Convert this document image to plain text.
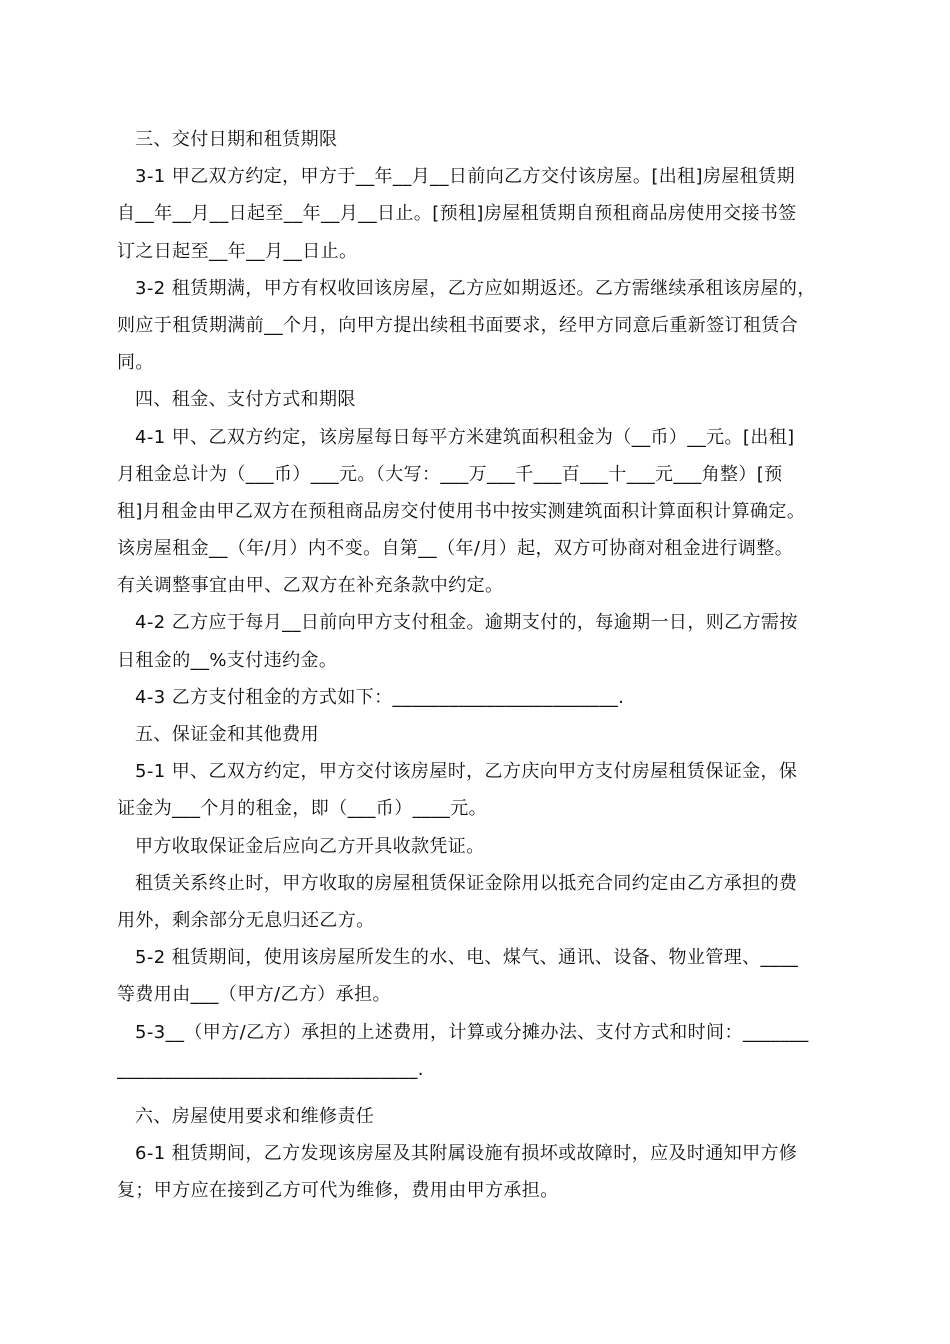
三、交付日期和租赁期限
3-1 甲乙双方约定，甲方于__年__月__日前向乙方交付该房屋。[出租]房屋租赁期
自__年__月__日起至__年__月__日止。[预租]房屋租赁期自预租商品房使用交接书签
订之日起至__年__月__日止。
3-2 租赁期满，甲方有权收回该房屋，乙方应如期返还。乙方需继续承租该房屋的，
则应于租赁期满前__个月，向甲方提出续租书面要求，经甲方同意后重新签订租赁合
同。
四、租金、支付方式和期限
4-1 甲、乙双方约定，该房屋每日每平方米建筑面积租金为（__币）__元。[出租]
月租金总计为（___币）___元。（大写：___万___千___百___十___元___角整）[预
租]月租金由甲乙双方在预租商品房交付使用书中按实测建筑面积计算面积计算确定。
该房屋租金__（年/月）内不变。自第__（年/月）起，双方可协商对租金进行调整。
有关调整事宜由甲、乙双方在补充条款中约定。
4-2 乙方应于每月__日前向甲方支付租金。逾期支付的，每逾期一日，则乙方需按
日租金的__%支付违约金。
4-3 乙方支付租金的方式如下：________________________.
五、保证金和其他费用
5-1 甲、乙双方约定，甲方交付该房屋时，乙方庆向甲方支付房屋租赁保证金，保
证金为___个月的租金，即（___币）____元。
甲方收取保证金后应向乙方开具收款凭证。
租赁关系终止时，甲方收取的房屋租赁保证金除用以抵充合同约定由乙方承担的费
用外，剩余部分无息归还乙方。
5-2 租赁期间，使用该房屋所发生的水、电、煤气、通讯、设备、物业管理、____
等费用由___（甲方/乙方）承担。
5-3__（甲方/乙方）承担的上述费用，计算或分摊办法、支付方式和时间：_______
________________________________.
六、房屋使用要求和维修责任
6-1 租赁期间，乙方发现该房屋及其附属设施有损坏或故障时，应及时通知甲方修
复；甲方应在接到乙方可代为维修，费用由甲方承担。
